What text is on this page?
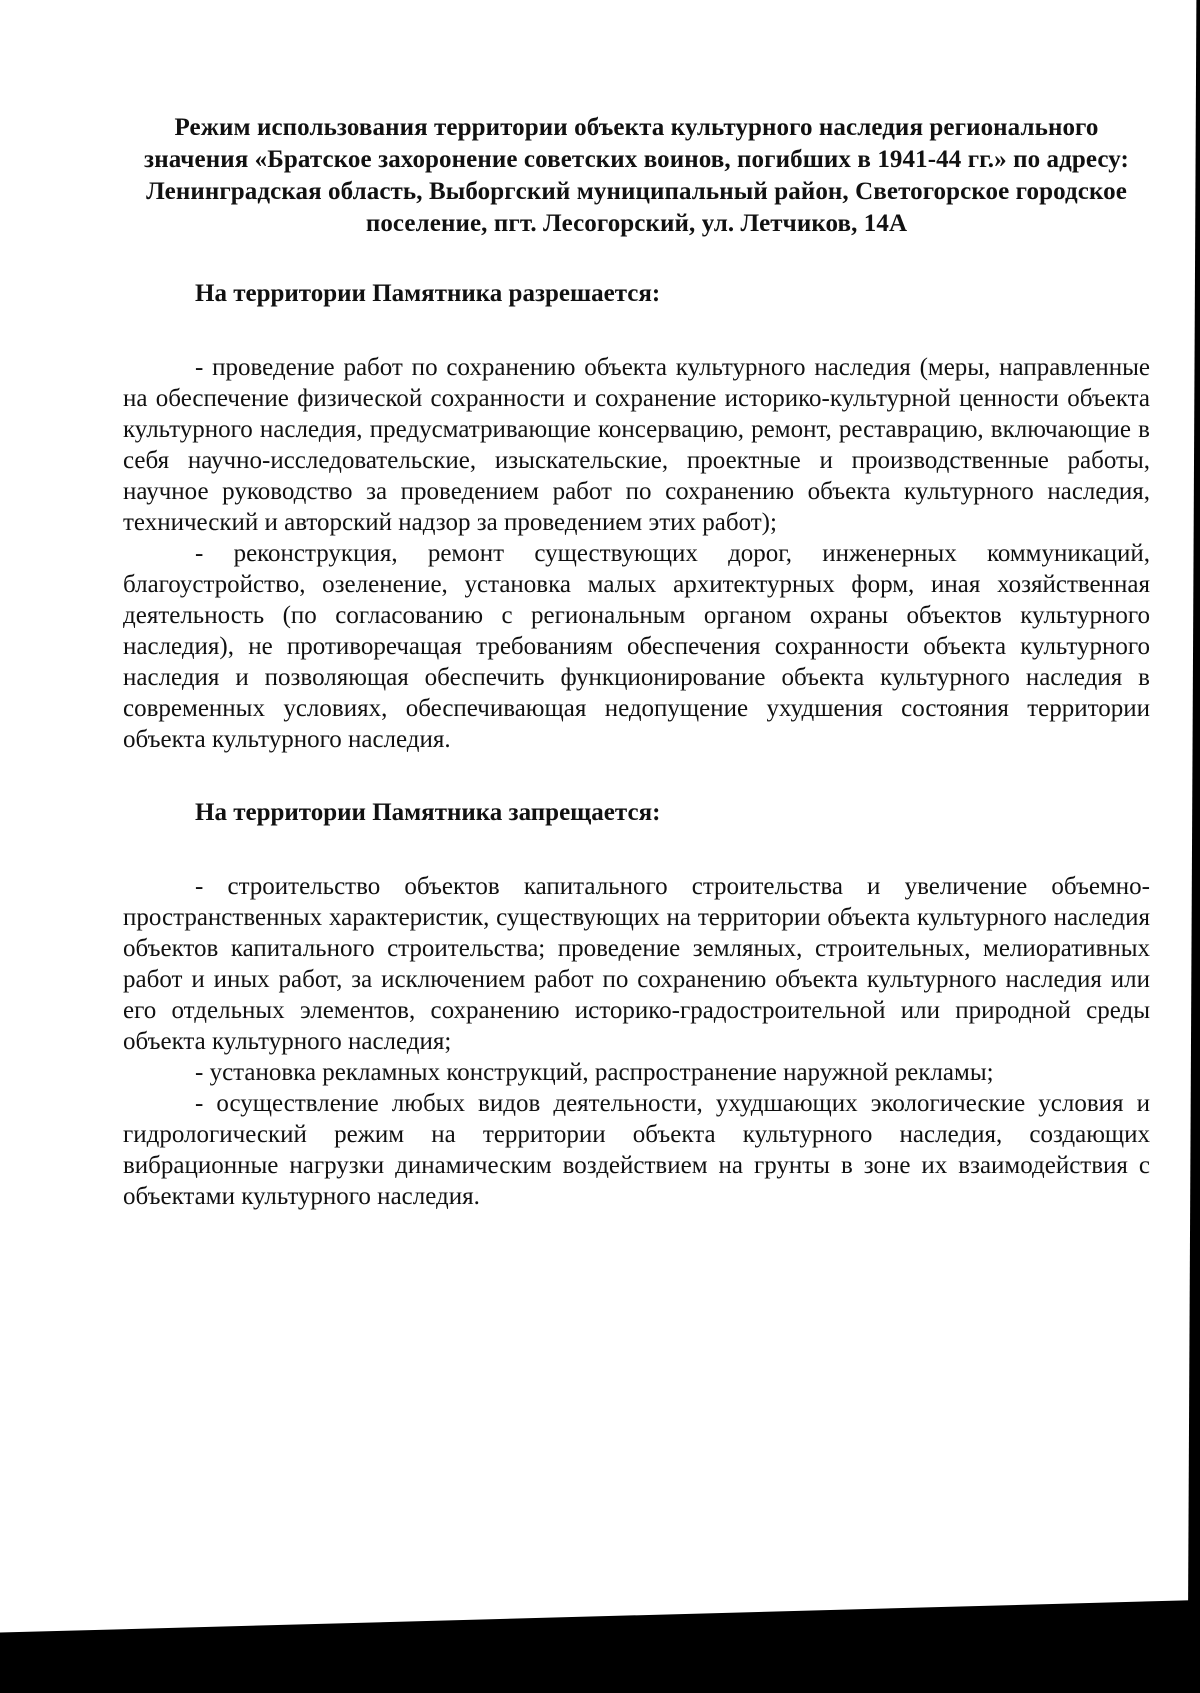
Режим использования территории объекта культурного наследия регионального значения «Братское захоронение советских воинов, погибших в 1941-44 гг.» по адресу: Ленинградская область, Выборгский муниципальный район, Светогорское городское поселение, пгт. Лесогорский, ул. Летчиков, 14А
На территории Памятника разрешается:

- проведение работ по сохранению объекта культурного наследия (меры, направленные на обеспечение физической сохранности и сохранение историко-культурной ценности объекта культурного наследия, предусматривающие консервацию, ремонт, реставрацию, включающие в себя научно-исследовательские, изыскательские, проектные и производственные работы, научное руководство за проведением работ по сохранению объекта культурного наследия, технический и авторский надзор за проведением этих работ);

- реконструкция, ремонт существующих дорог, инженерных коммуникаций, благоустройство, озеленение, установка малых архитектурных форм, иная хозяйственная деятельность (по согласованию с региональным органом охраны объектов культурного наследия), не противоречащая требованиям обеспечения сохранности объекта культурного наследия и позволяющая обеспечить функционирование объекта культурного наследия в современных условиях, обеспечивающая недопущение ухудшения состояния территории объекта культурного наследия.

На территории Памятника запрещается:

- строительство объектов капитального строительства и увеличение объемно-пространственных характеристик, существующих на территории объекта культурного наследия объектов капитального строительства; проведение земляных, строительных, мелиоративных работ и иных работ, за исключением работ по сохранению объекта культурного наследия или его отдельных элементов, сохранению историко-градостроительной или природной среды объекта культурного наследия;

- установка рекламных конструкций, распространение наружной рекламы;

- осуществление любых видов деятельности, ухудшающих экологические условия и гидрологический режим на территории объекта культурного наследия, создающих вибрационные нагрузки динамическим воздействием на грунты в зоне их взаимодействия с объектами культурного наследия.
